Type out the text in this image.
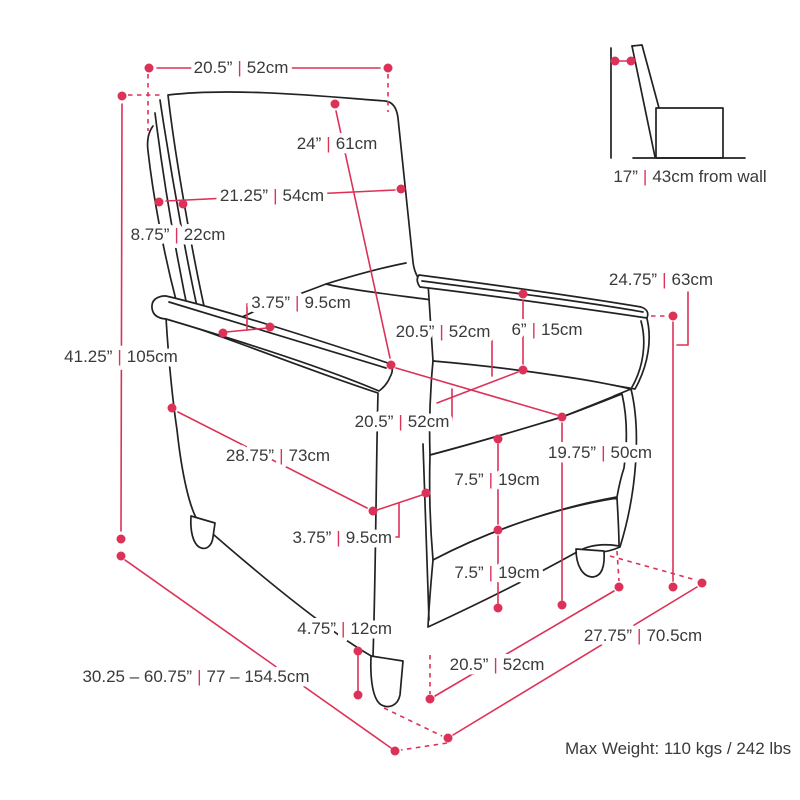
20.5” | 52cm
24” | 61cm
21.25” | 54cm
8.75” | 22cm
3.75” | 9.5cm
41.25” | 105cm
20.5” | 52cm 6” | 15cm
24.75” | 63cm
20.5” | 52cm
28.75” | 73cm	19.75” | 50cm
7.5” | 19cm
7.5” | 19cm
3.75” | 9.5cm
4.75” | 12cm
30.25 – 60.75” | 77 – 154.5cm
20.5” | 52cm
27.75” | 70.5cm
17” | 43cm from wall
Max Weight: 110 kgs / 242 lbs
